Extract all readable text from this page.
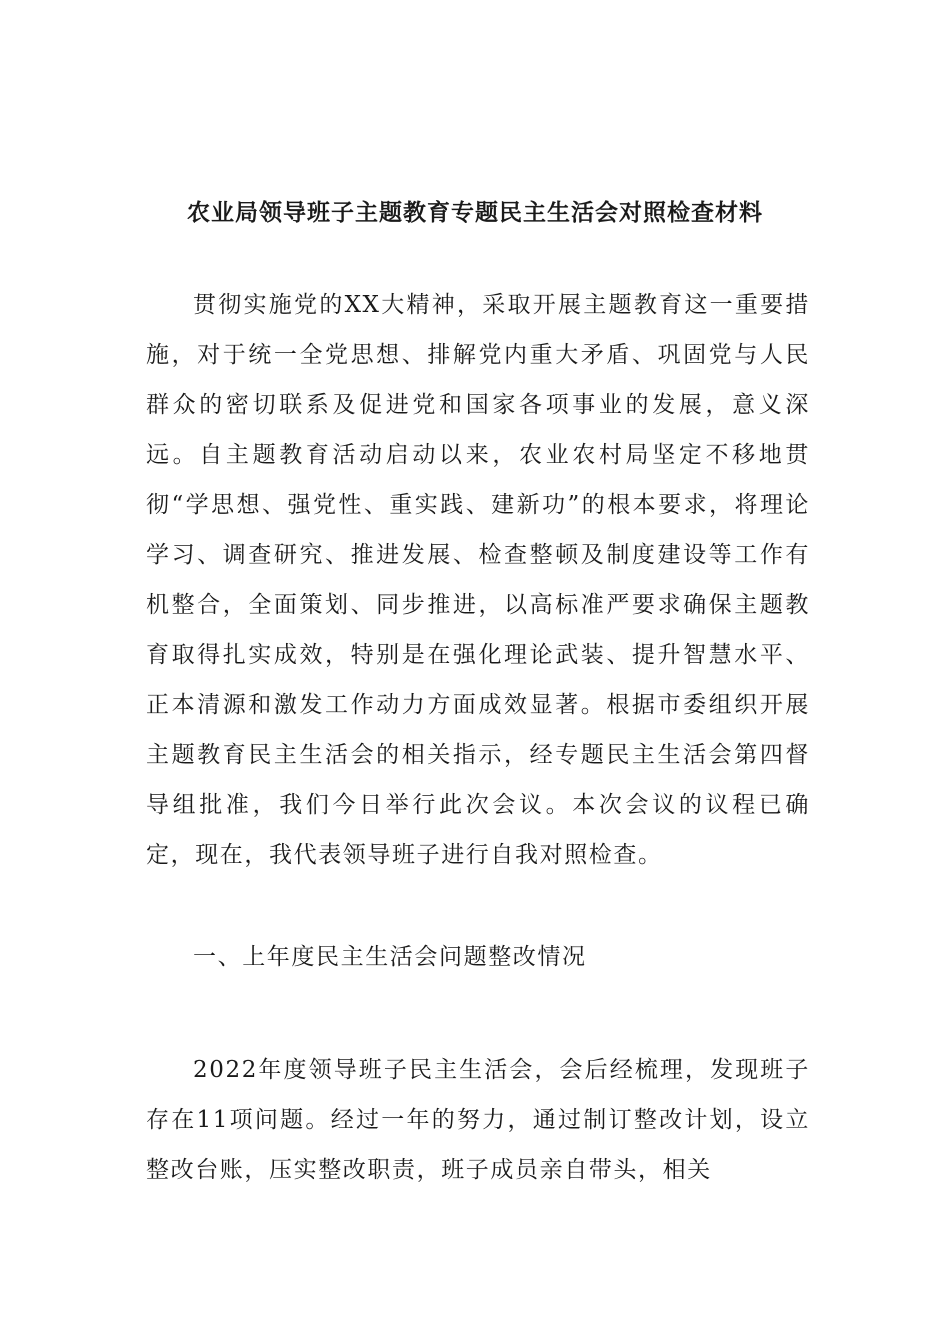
农业局领导班子主题教育专题民主生活会对照检查材料

贯彻实施党的XX大精神，采取开展主题教育这一重要措施，对于统一全党思想、排解党内重大矛盾、巩固党与人民群众的密切联系及促进党和国家各项事业的发展，意义深远。自主题教育活动启动以来，农业农村局坚定不移地贯彻“学思想、强党性、重实践、建新功”的根本要求，将理论学习、调查研究、推进发展、检查整顿及制度建设等工作有机整合，全面策划、同步推进，以高标准严要求确保主题教育取得扎实成效，特别是在强化理论武装、提升智慧水平、正本清源和激发工作动力方面成效显著。根据市委组织开展主题教育民主生活会的相关指示，经专题民主生活会第四督导组批准，我们今日举行此次会议。本次会议的议程已确定，现在，我代表领导班子进行自我对照检查。

一、上年度民主生活会问题整改情况

2022年度领导班子民主生活会，会后经梳理，发现班子存在11项问题。经过一年的努力，通过制订整改计划，设立整改台账，压实整改职责，班子成员亲自带头，相关
